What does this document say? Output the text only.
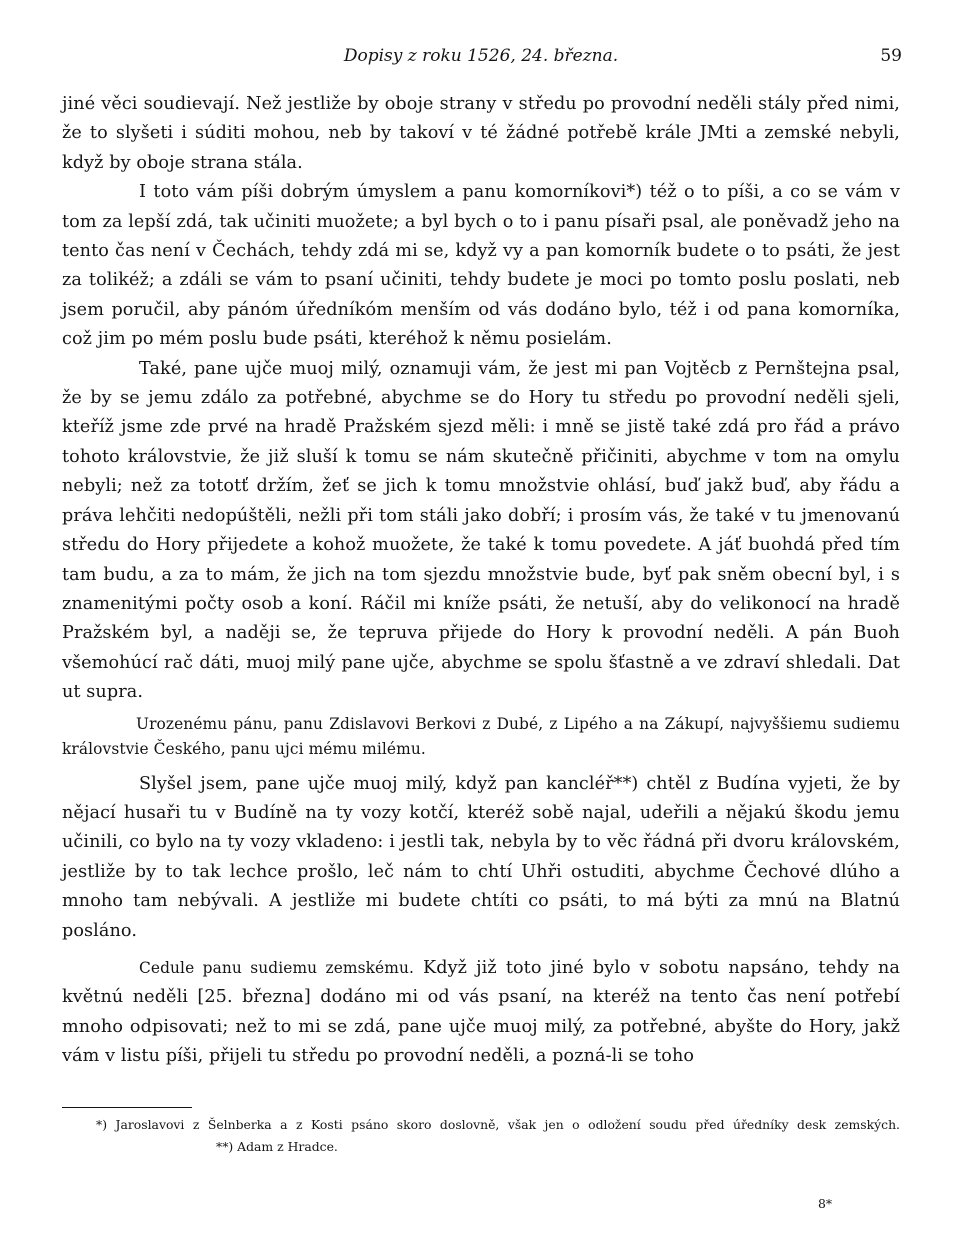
Dopisy z roku 1526, 24. března.	59

jiné věci soudievají. Než jestliže by oboje strany v středu po provodní neděli stály před nimi, že to slyšeti i súditi mohou, neb by takoví v té žádné potřebě krále JMti a zemské nebyli, když by oboje strana stála.

I toto vám píši dobrým úmyslem a panu komorníkovi*) též o to píši, a co se vám v tom za lepší zdá, tak učiniti muožete; a byl bych o to i panu písaři psal, ale poněvadž jeho na tento čas není v Čechách, tehdy zdá mi se, když vy a pan komorník budete o to psáti, že jest za tolikéž; a zdáli se vám to psaní učiniti, tehdy budete je moci po tomto poslu poslati, neb jsem poručil, aby pánóm úředníkóm menším od vás dodáno bylo, též i od pana komorníka, což jim po mém poslu bude psáti, kteréhož k němu posielám.

Také, pane ujče muoj milý, oznamuji vám, že jest mi pan Vojtěcb z Pernštejna psal, že by se jemu zdálo za potřebné, abychme se do Hory tu středu po provodní neděli sjeli, kteříž jsme zde prvé na hradě Pražském sjezd měli: i mně se jistě také zdá pro řád a právo tohoto královstvie, že již sluší k tomu se nám skutečně přičiniti, abychme v tom na omylu nebyli; než za tototť držím, žeť se jich k tomu množstvie ohlásí, buď jakž buď, aby řádu a práva lehčiti nedopúštěli, nežli při tom stáli jako dobří; i prosím vás, že také v tu jmenovanú středu do Hory přijedete a kohož muožete, že také k tomu povedete. A jáť buohdá před tím tam budu, a za to mám, že jich na tom sjezdu množstvie bude, byť pak sněm obecní byl, i s znamenitými počty osob a koní. Ráčil mi kníže psáti, že netuší, aby do velikonocí na hradě Pražském byl, a naději se, že tepruva přijede do Hory k provodní neděli. A pán Buoh všemohúcí rač dáti, muoj milý pane ujče, abychme se spolu šťastně a ve zdraví shledali. Dat ut supra.

Urozenému pánu, panu Zdislavovi Berkovi z Dubé, z Lipého a na Zákupí, najvyššiemu sudiemu královstvie Českého, panu ujci mému milému.

Slyšel jsem, pane ujče muoj milý, když pan kancléř**) chtěl z Budína vyjeti, že by nějací husaři tu v Budíně na ty vozy kotčí, kteréž sobě najal, udeřili a nějakú škodu jemu učinili, co bylo na ty vozy vkladeno: i jestli tak, nebyla by to věc řádná při dvoru královském, jestliže by to tak lechce prošlo, leč nám to chtí Uhři ostuditi, abychme Čechové dlúho a mnoho tam nebývali. A jestliže mi budete chtíti co psáti, to má býti za mnú na Blatnú posláno.

Cedule panu sudiemu zemskému. Když již toto jiné bylo v sobotu napsáno, tehdy na květnú neděli [25. března] dodáno mi od vás psaní, na kteréž na tento čas není potřebí mnoho odpisovati; než to mi se zdá, pane ujče muoj milý, za potřebné, abyšte do Hory, jakž vám v listu píši, přijeli tu středu po provodní neděli, a pozná-li se toho

*) Jaroslavovi z Šelnberka a z Kosti psáno skoro doslovně, však jen o odložení soudu před úředníky desk zemských.**) Adam z Hradce.

8*
